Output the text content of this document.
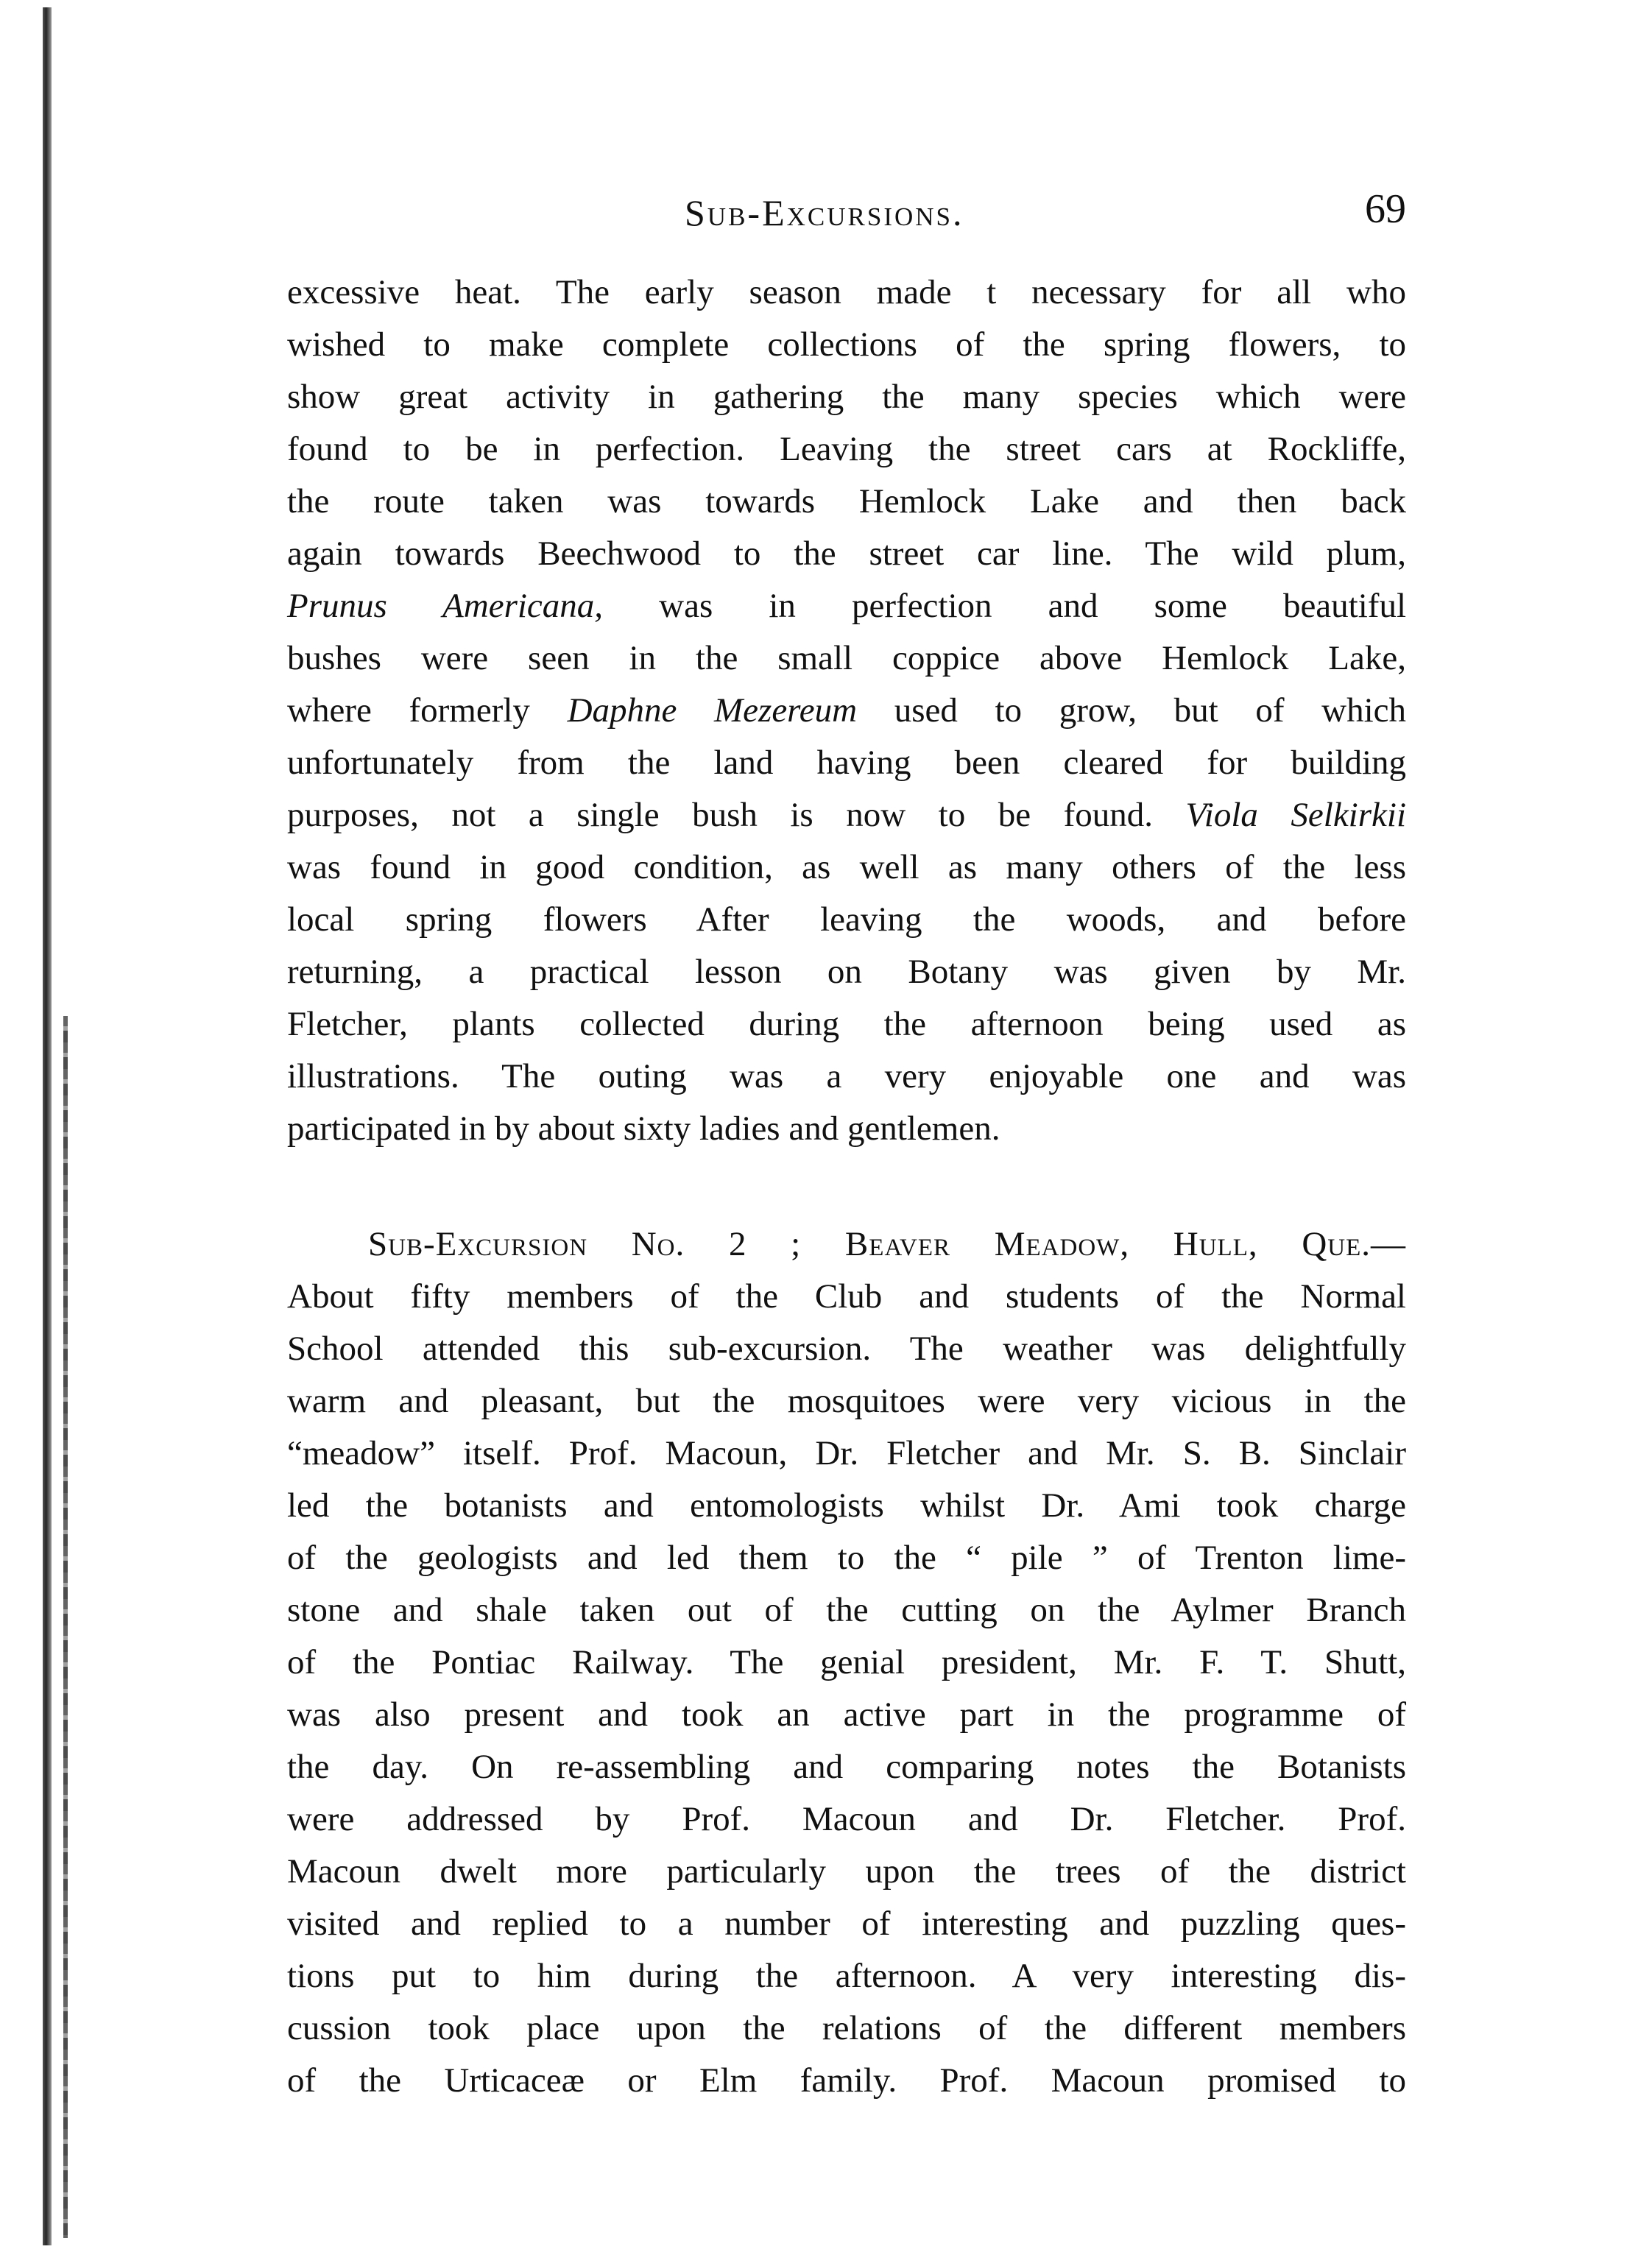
Sub-Excursions.	69
excessive heat. The early season made t necessary for all who
wished to make complete collections of the spring flowers, to
show great activity in gathering the many species which were
found to be in perfection. Leaving the street cars at Rockliffe,
the route taken was towards Hemlock Lake and then back
again towards Beechwood to the street car line. The wild plum,
Prunus Americana, was in perfection and some beautiful
bushes were seen in the small coppice above Hemlock Lake,
where formerly Daphne Mezereum used to grow, but of which
unfortunately from the land having been cleared for building
purposes, not a single bush is now to be found. Viola Selkirkii
was found in good condition, as well as many others of the less
local spring flowers After leaving the woods, and before
returning, a practical lesson on Botany was given by Mr.
Fletcher, plants collected during the afternoon being used as
illustrations. The outing was a very enjoyable one and was
participated in by about sixty ladies and gentlemen.
Sub-Excursion No. 2 ; Beaver Meadow, Hull, Que.—
About fifty members of the Club and students of the Normal
School attended this sub-excursion. The weather was delightfully
warm and pleasant, but the mosquitoes were very vicious in the
“meadow” itself. Prof. Macoun, Dr. Fletcher and Mr. S. B. Sinclair
led the botanists and entomologists whilst Dr. Ami took charge
of the geologists and led them to the “ pile ” of Trenton lime-
stone and shale taken out of the cutting on the Aylmer Branch
of the Pontiac Railway. The genial president, Mr. F. T. Shutt,
was also present and took an active part in the programme of
the day. On re-assembling and comparing notes the Botanists
were addressed by Prof. Macoun and Dr. Fletcher. Prof.
Macoun dwelt more particularly upon the trees of the district
visited and replied to a number of interesting and puzzling ques-
tions put to him during the afternoon. A very interesting dis-
cussion took place upon the relations of the different members
of the Urticaceæ or Elm family. Prof. Macoun promised to
